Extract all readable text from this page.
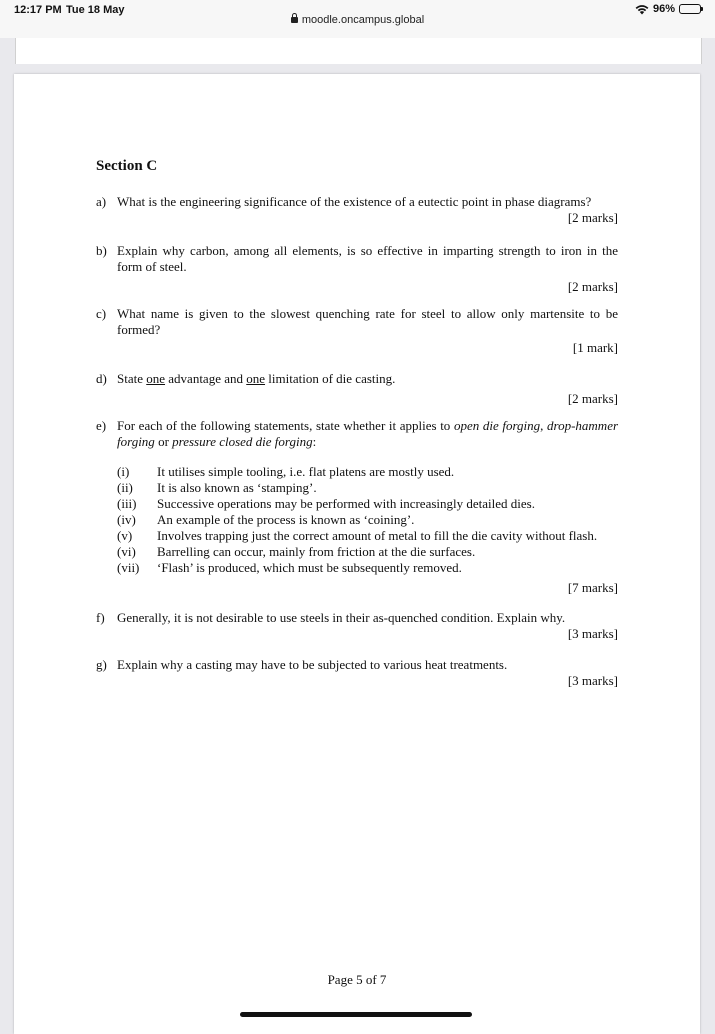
12:17 PM Tue 18 May	96%
moodle.oncampus.global
Section C
a) What is the engineering significance of the existence of a eutectic point in phase diagrams?
[2 marks]
b) Explain why carbon, among all elements, is so effective in imparting strength to iron in the form of steel.
[2 marks]
c) What name is given to the slowest quenching rate for steel to allow only martensite to be formed?
[1 mark]
d) State one advantage and one limitation of die casting.
[2 marks]
e) For each of the following statements, state whether it applies to open die forging, drop-hammer forging or pressure closed die forging:
(i)	It utilises simple tooling, i.e. flat platens are mostly used.
(ii)	It is also known as ‘stamping’.
(iii)	Successive operations may be performed with increasingly detailed dies.
(iv)	An example of the process is known as ‘coining’.
(v)	Involves trapping just the correct amount of metal to fill the die cavity without flash.
(vi)	Barrelling can occur, mainly from friction at the die surfaces.
(vii)	‘Flash’ is produced, which must be subsequently removed.
[7 marks]
f) Generally, it is not desirable to use steels in their as-quenched condition. Explain why.
[3 marks]
g) Explain why a casting may have to be subjected to various heat treatments.
[3 marks]
Page 5 of 7
